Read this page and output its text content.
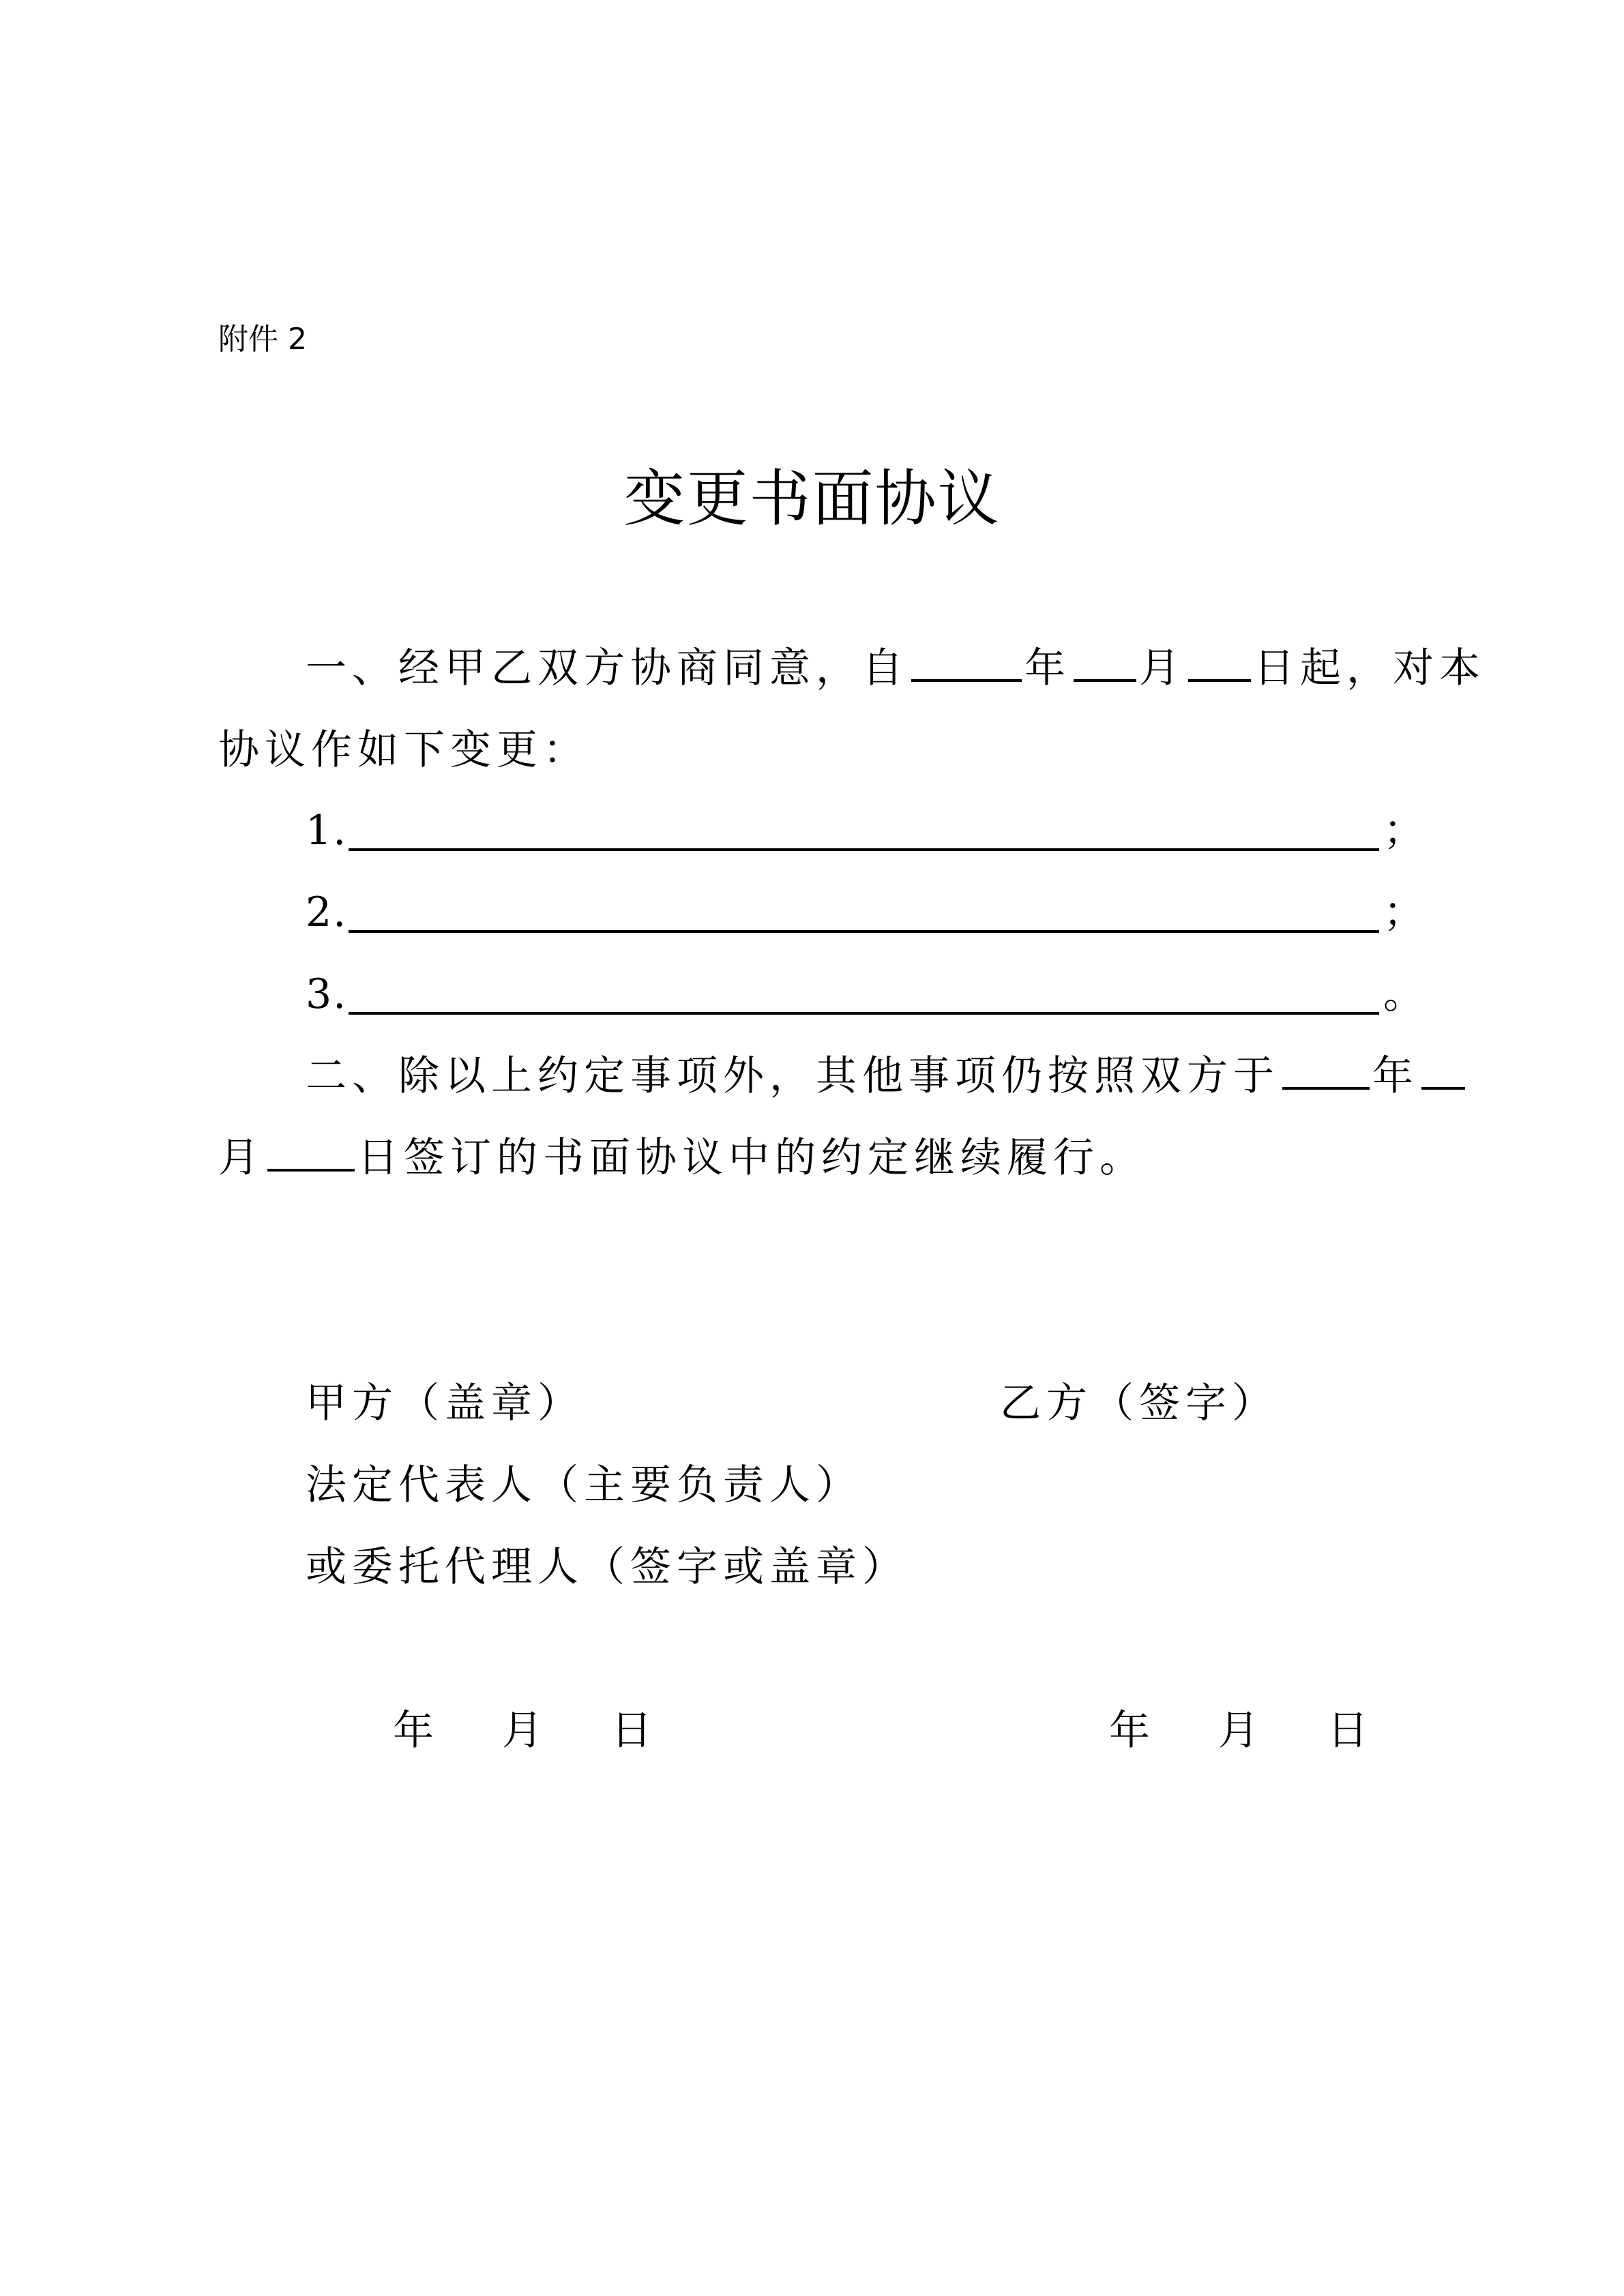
附件 2
变更书面协议
一、经甲乙双方协商同意，自	年 月 日起，对本
协议作如下变更：
1.	；
2.	；
3.	。
二、除以上约定事项外，其他事项仍按照双方于 年
月 日签订的书面协议中的约定继续履行。
甲方（盖章）	乙方（签字）
法定代表人（主要负责人）
或委托代理人（签字或盖章）
年	月	日	年	月	日
